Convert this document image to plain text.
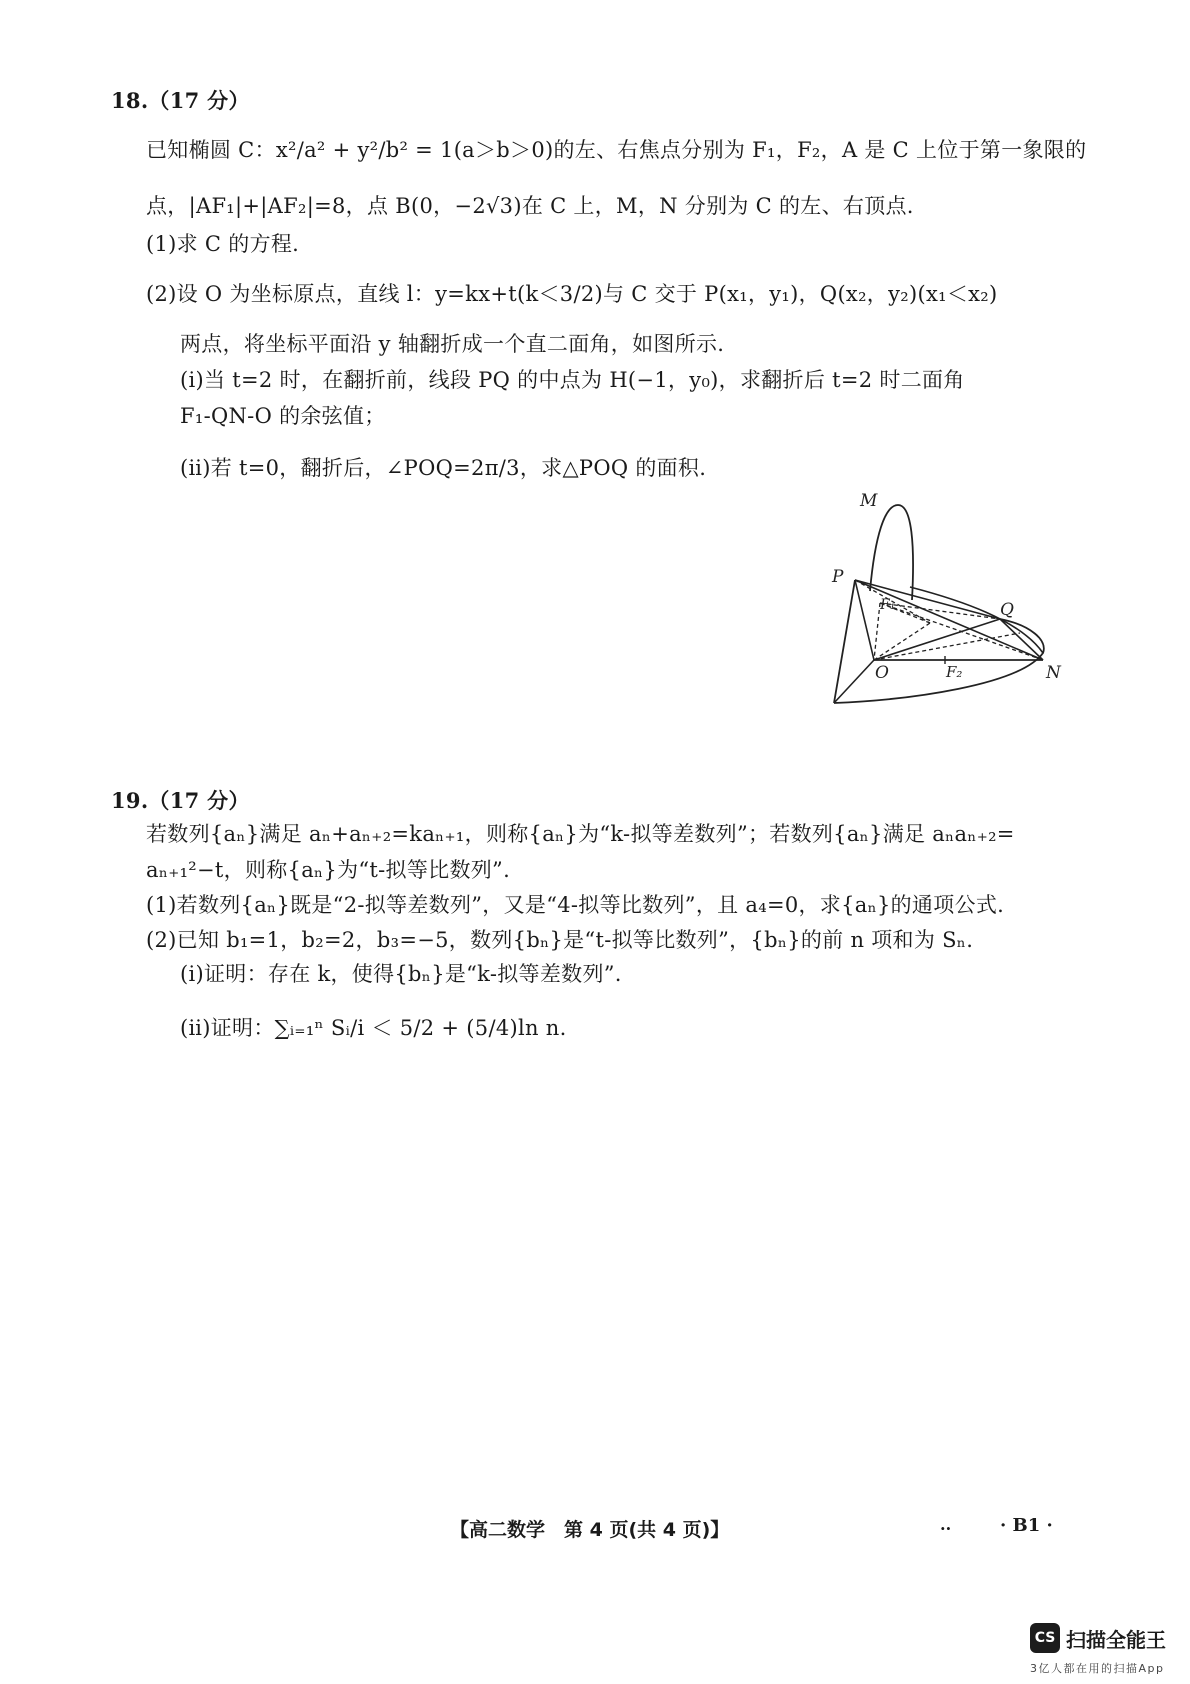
18.（17 分）
已知椭圆 C：x²/a² + y²/b² = 1(a＞b＞0)的左、右焦点分别为 F₁，F₂，A 是 C 上位于第一象限的
点，|AF₁|+|AF₂|=8，点 B(0，−2√3)在 C 上，M，N 分别为 C 的左、右顶点.
(1)求 C 的方程.
(2)设 O 为坐标原点，直线 l：y=kx+t(k＜3/2)与 C 交于 P(x₁，y₁)，Q(x₂，y₂)(x₁＜x₂)
两点，将坐标平面沿 y 轴翻折成一个直二面角，如图所示.
(ⅰ)当 t=2 时，在翻折前，线段 PQ 的中点为 H(−1，y₀)，求翻折后 t=2 时二面角
F₁-QN-O 的余弦值；
(ⅱ)若 t=0，翻折后，∠POQ=2π/3，求△POQ 的面积.
M
P
F₁	Q
O	F₂	N
19.（17 分）
若数列{aₙ}满足 aₙ+aₙ₊₂=kaₙ₊₁，则称{aₙ}为“k-拟等差数列”；若数列{aₙ}满足 aₙaₙ₊₂=
aₙ₊₁²−t，则称{aₙ}为“t-拟等比数列”.
(1)若数列{aₙ}既是“2-拟等差数列”，又是“4-拟等比数列”，且 a₄=0，求{aₙ}的通项公式.
(2)已知 b₁=1，b₂=2，b₃=−5，数列{bₙ}是“t-拟等比数列”，{bₙ}的前 n 项和为 Sₙ.
(ⅰ)证明：存在 k，使得{bₙ}是“k-拟等差数列”.
(ⅱ)证明：∑ᵢ₌₁ⁿ Sᵢ/i ＜ 5/2 + (5/4)ln n.
【高二数学　第 4 页(共 4 页)】	..	· B1 ·
CS 扫描全能王
3亿人都在用的扫描App
